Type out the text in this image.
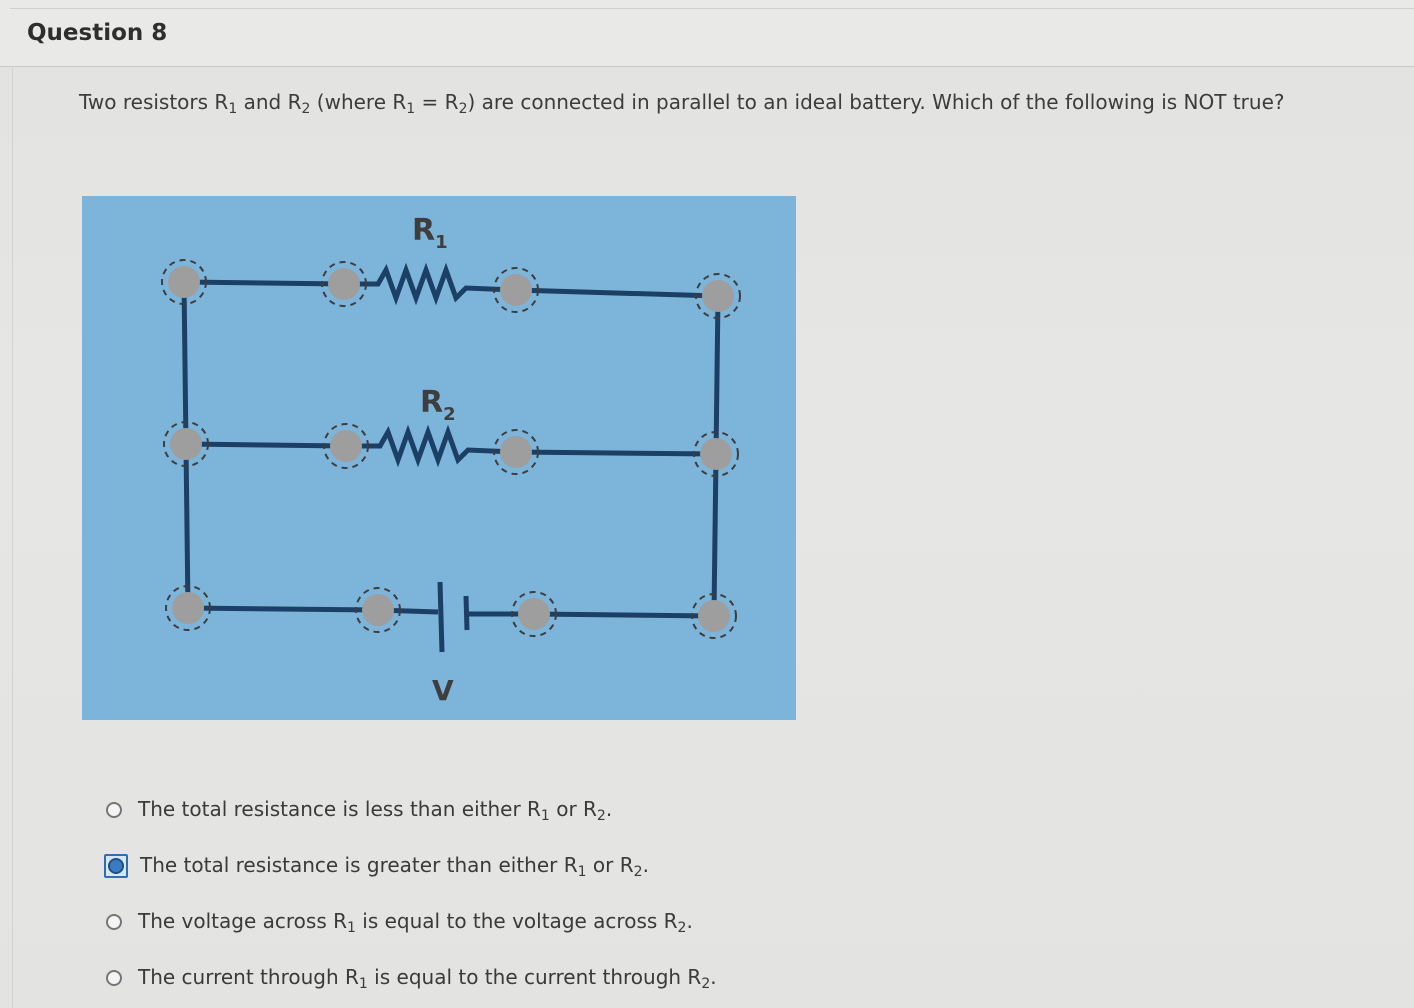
Question 8
Two resistors $R_1$ and $R_2$ (where $R_1 = R_2$) are connected in parallel to an ideal battery. Which of the following is NOT true?
$R_1$
$R_2$
V
The total resistance is less than either $R_1$ or $R_2$.
The total resistance is greater than either $R_1$ or $R_2$.
The voltage across $R_1$ is equal to the voltage across $R_2$.
The current through $R_1$ is equal to the current through $R_2$.
